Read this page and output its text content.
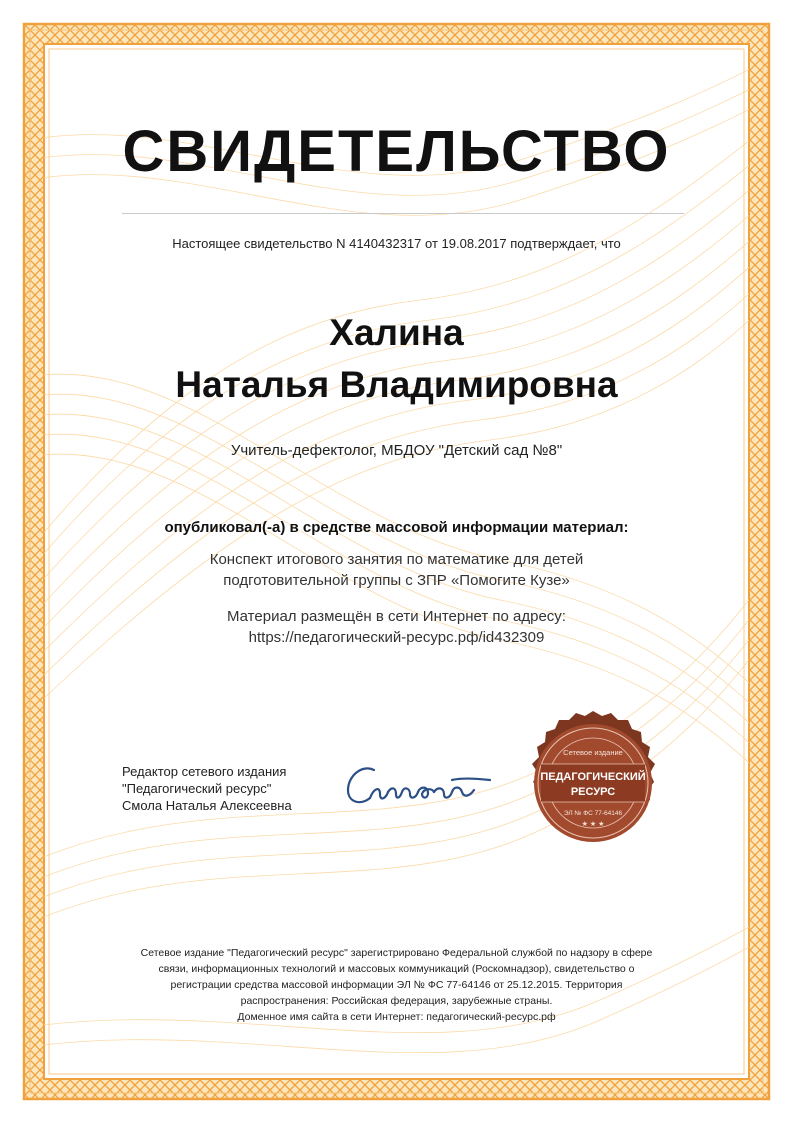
СВИДЕТЕЛЬСТВО
Настоящее свидетельство N 4140432317 от 19.08.2017 подтверждает, что
Халина
Наталья Владимировна
Учитель-дефектолог, МБДОУ "Детский сад №8"
опубликовал(-а) в средстве массовой информации материал:
Конспект итогового занятия по математике для детей
подготовительной группы с ЗПР «Помогите Кузе»
Материал размещён в сети Интернет по адресу:
https://педагогический-ресурс.рф/id432309
Редактор сетевого издания
"Педагогический ресурс"
Смола Наталья Алексеевна
Сетевое издание
ПЕДАГОГИЧЕСКИЙ
РЕСУРС
ЭЛ № ФС 77-64146
★ ★ ★
Сетевое издание "Педагогический ресурс" зарегистрировано Федеральной службой по надзору в сфере
связи, информационных технологий и массовых коммуникаций (Роскомнадзор), свидетельство о
регистрации средства массовой информации ЭЛ № ФС 77-64146 от 25.12.2015. Территория
распространения: Российская федерация, зарубежные страны.
Доменное имя сайта в сети Интернет: педагогический-ресурс.рф
